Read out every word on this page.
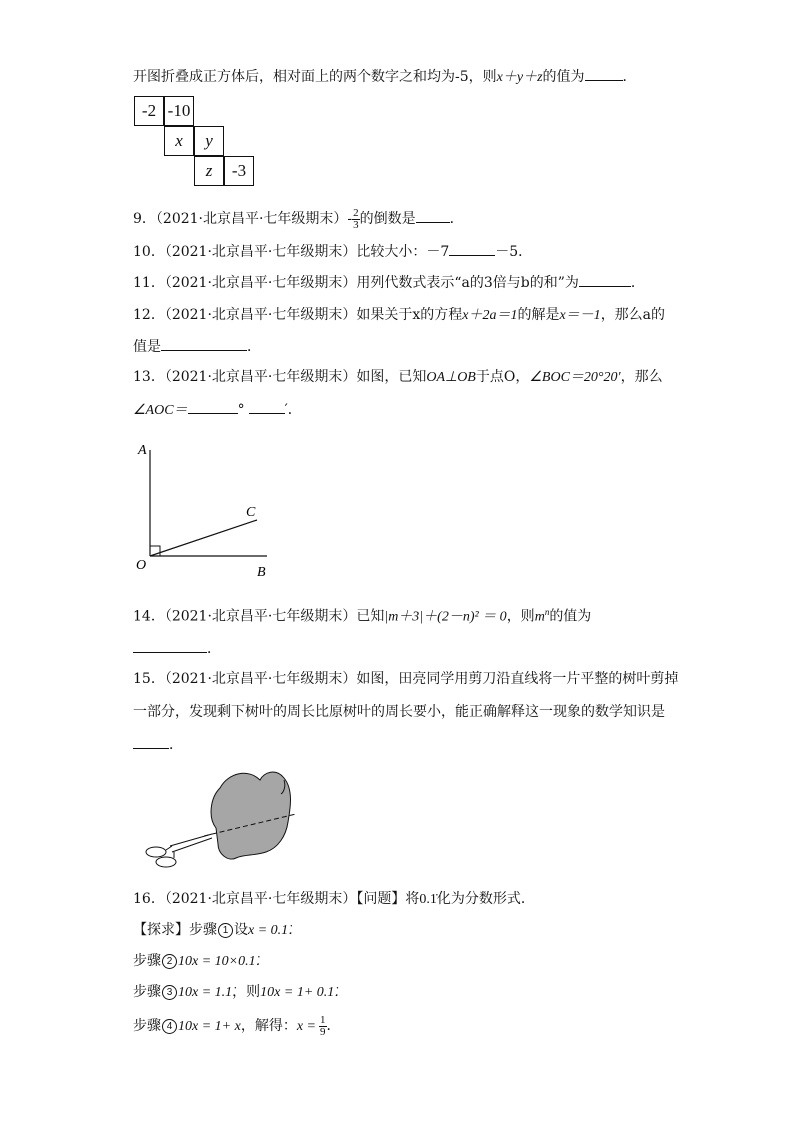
开图折叠成正方体后，相对面上的两个数字之和均为-5，则x＋y＋z的值为	．
-2 -10
x	y
z	-3
9．（2021·北京昌平·七年级期末）- $\frac{2}{3}$ 的倒数是 ．
10．（2021·北京昌平·七年级期末）比较大小：－7	－5．
11．（2021·北京昌平·七年级期末）用列代数式表示“a的3倍与b的和”为	．
12．（2021·北京昌平·七年级期末）如果关于x的方程x＋2a＝1的解是x＝－1，那么a的
值是	．
13．（2021·北京昌平·七年级期末）如图，已知OA⊥OB于点O，∠BOC＝20°20′，那么
∠AOC＝	°	′．
A
C
O	B
14．（2021·北京昌平·七年级期末）已知|m＋3|＋(2－n)² ＝ 0，则$m^n$的值为
．
15．（2021·北京昌平·七年级期末）如图，田亮同学用剪刀沿直线将一片平整的树叶剪掉
一部分，发现剩下树叶的周长比原树叶的周长要小，能正确解释这一现象的数学知识是
．
16．（2021·北京昌平·七年级期末）【问题】将0.1̇化为分数形式．
【探求】步骤 1 设x = 0.1̇．
步骤 2 10x = 10×0.1̇．
步骤 3 10x = 1.1̇，则10x = 1+ 0.1̇．
步骤 4 10x = 1+ x，解得：$x = \frac{1}{9}$ ．
